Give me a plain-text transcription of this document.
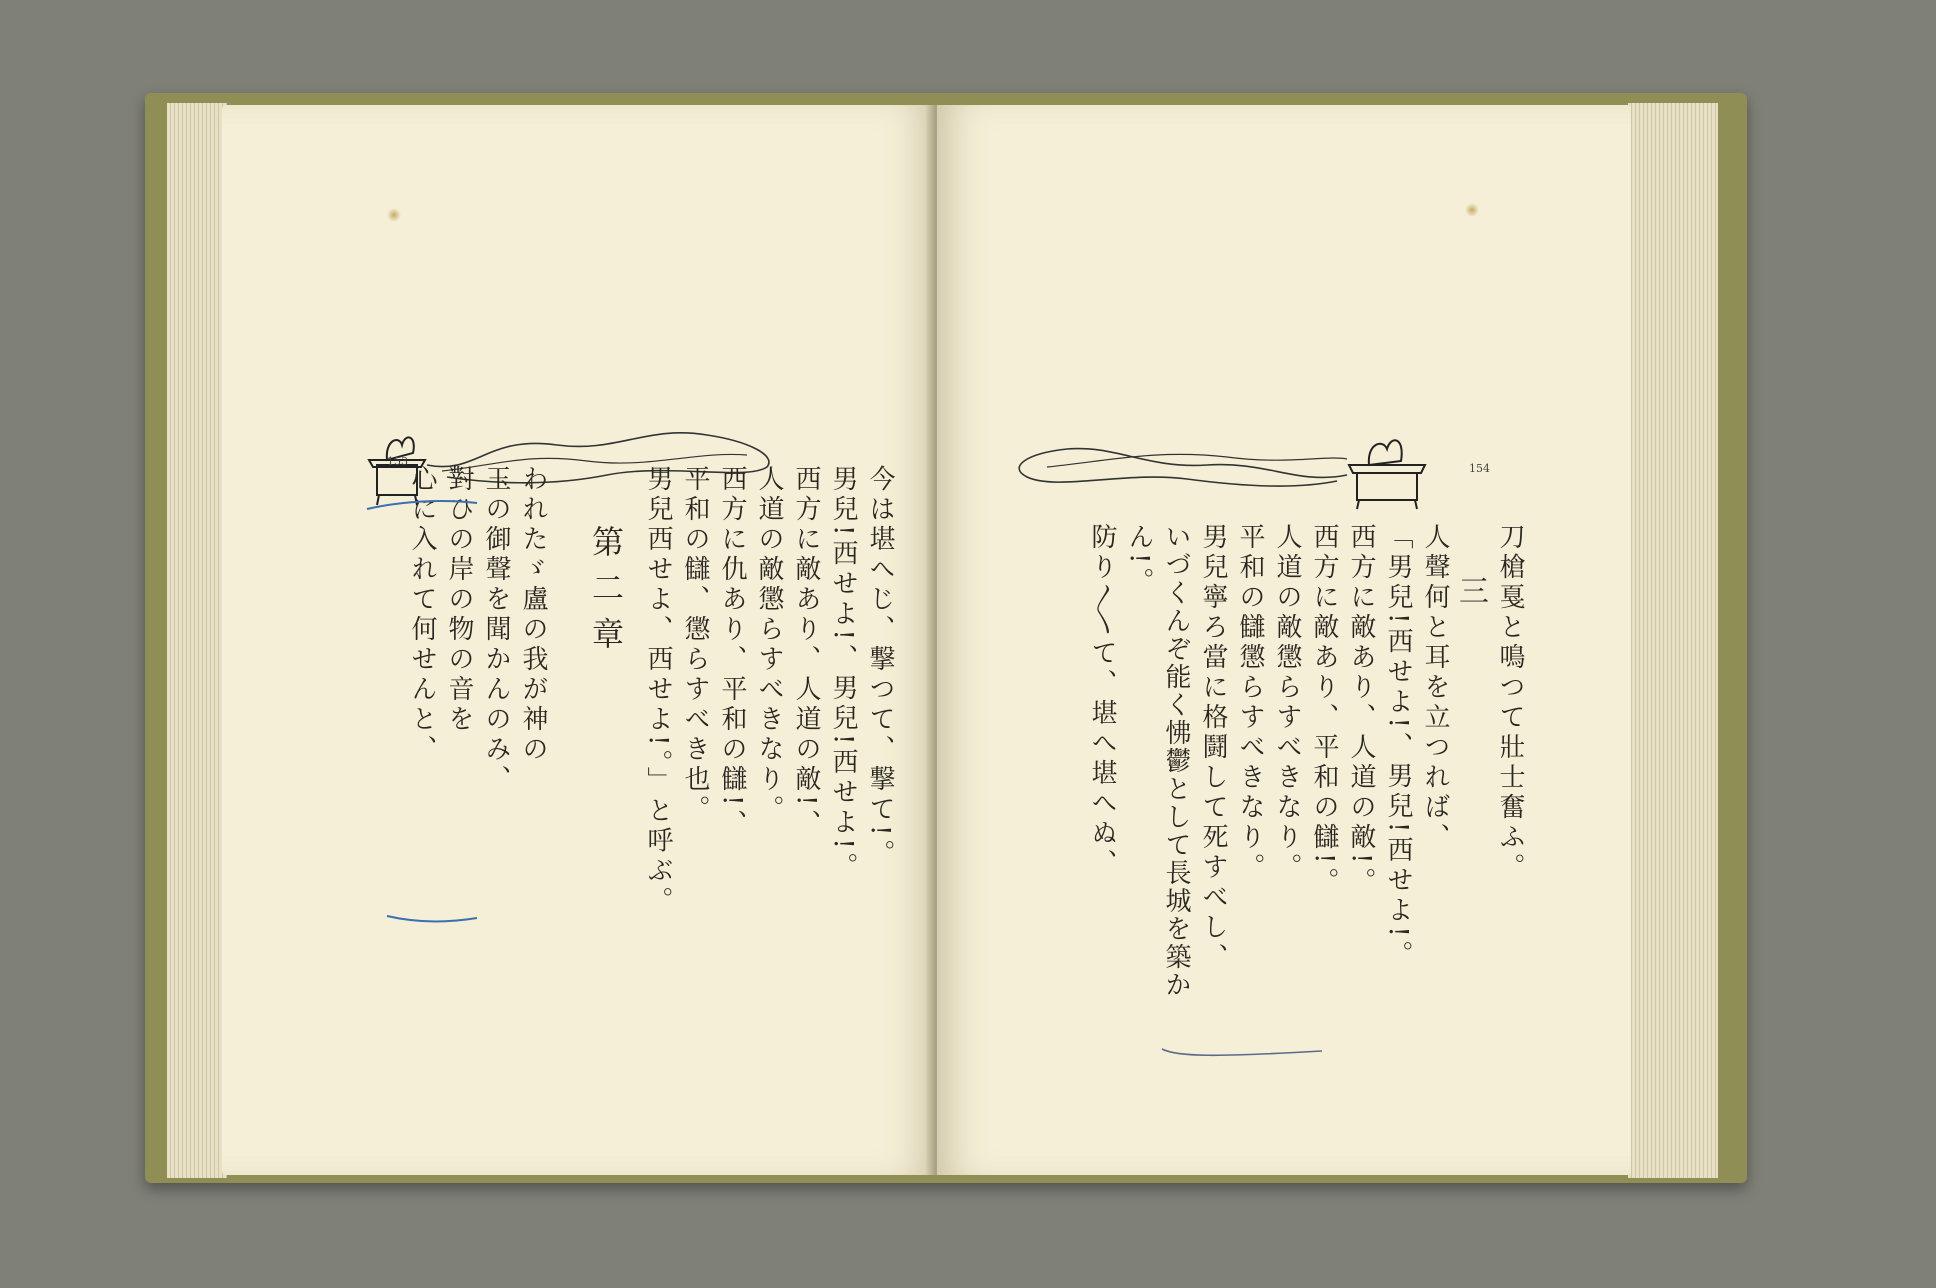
153
今は堪へじ、撃つて、撃て!。
男兒!西せよ!、男兒!西せよ!。
西方に敵あり、人道の敵!、
人道の敵懲らすべきなり。
西方に仇あり、平和の讎!、
平和の讎、懲らすべき也。
男兒西せよ、西せよ!。」と呼ぶ。
第二章
われたゞ盧の我が神の
玉の御聲を聞かんのみ、
對ひの岸の物の音を
心に入れて何せんと、	154
刀槍戛と鳴つて壯士奮ふ。
三
人聲何と耳を立つれば、
「男兒!西せよ!、男兒!西せよ!。
西方に敵あり、人道の敵!。
西方に敵あり、平和の讎!。
人道の敵懲らすべきなり。
平和の讎懲らすべきなり。
男兒寧ろ當に格鬪して死すべし、
いづくんぞ能く怫鬱として長城を築か
ん!。
防り〳〵て、堪へ堪へぬ、
